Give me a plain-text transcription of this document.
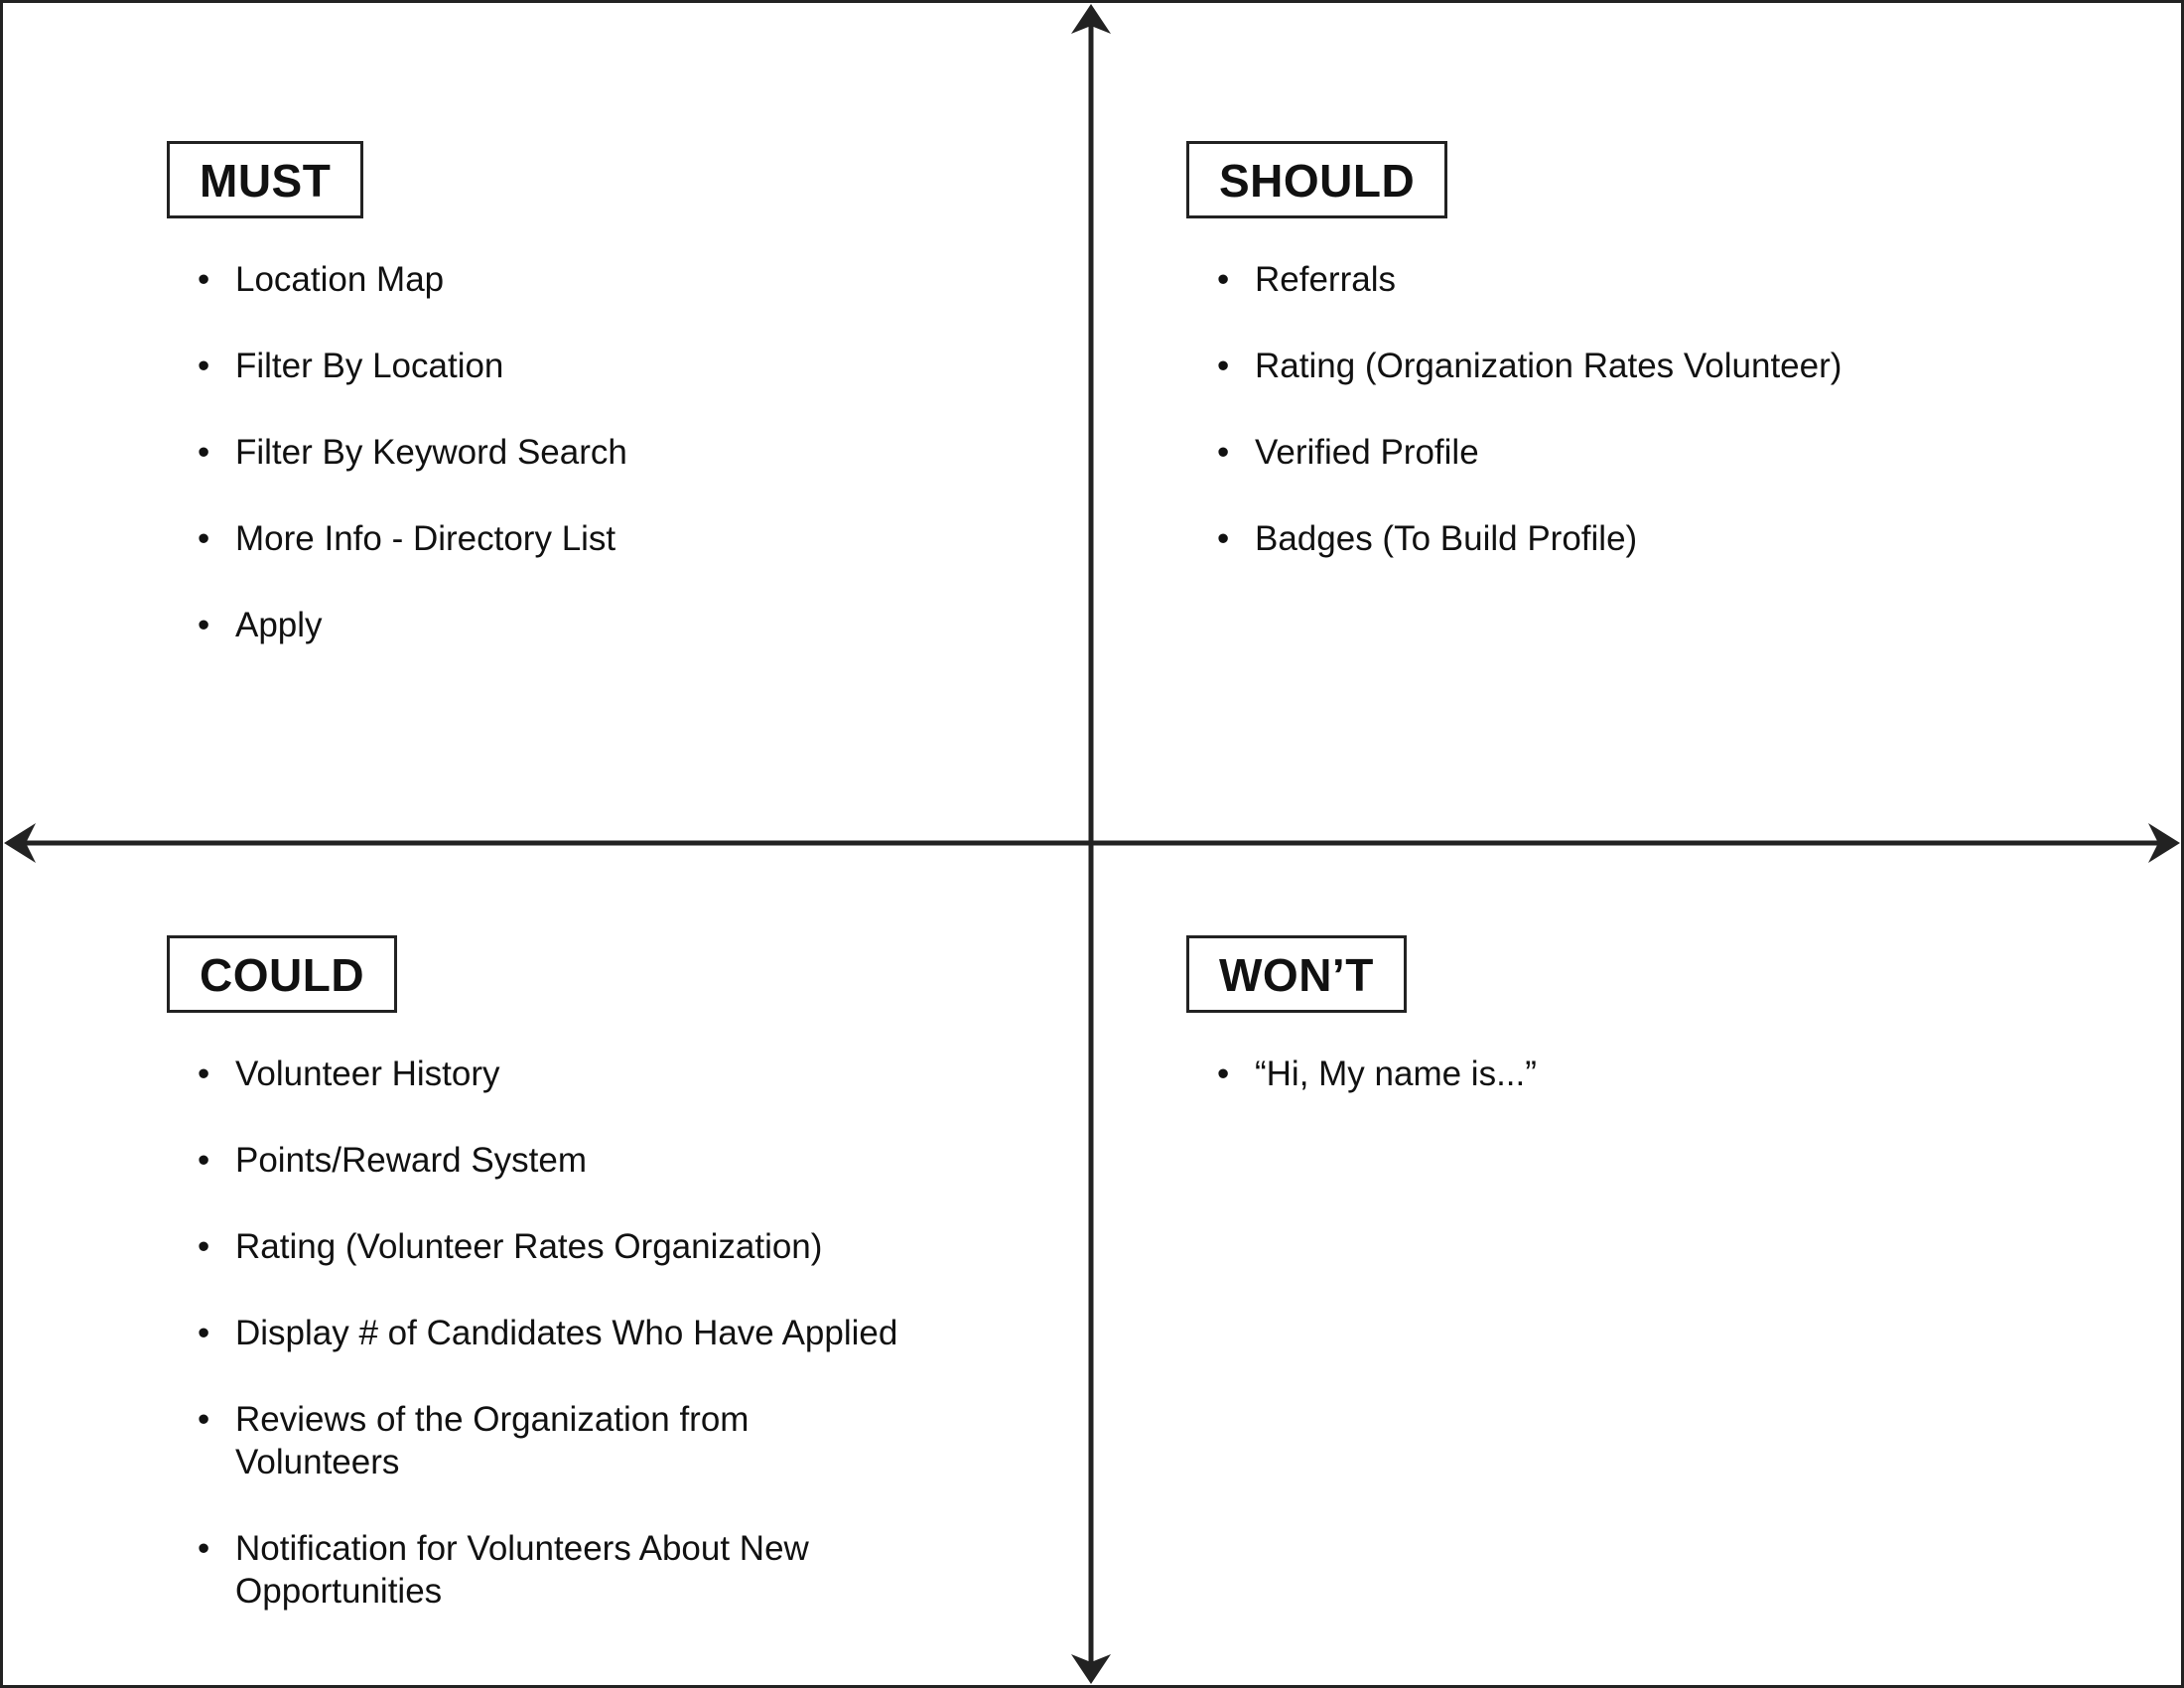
MUST
• Location Map
• Filter By Location
• Filter By Keyword Search
• More Info - Directory List
• Apply
SHOULD
• Referrals
• Rating (Organization Rates Volunteer)
• Verified Profile
• Badges (To Build Profile)
COULD
• Volunteer History
• Points/Reward System
• Rating (Volunteer Rates Organization)
• Display # of Candidates Who Have Applied
• Reviews of the Organization from Volunteers
• Notification for Volunteers About New Opportunities
WON’T
• “Hi, My name is...”
